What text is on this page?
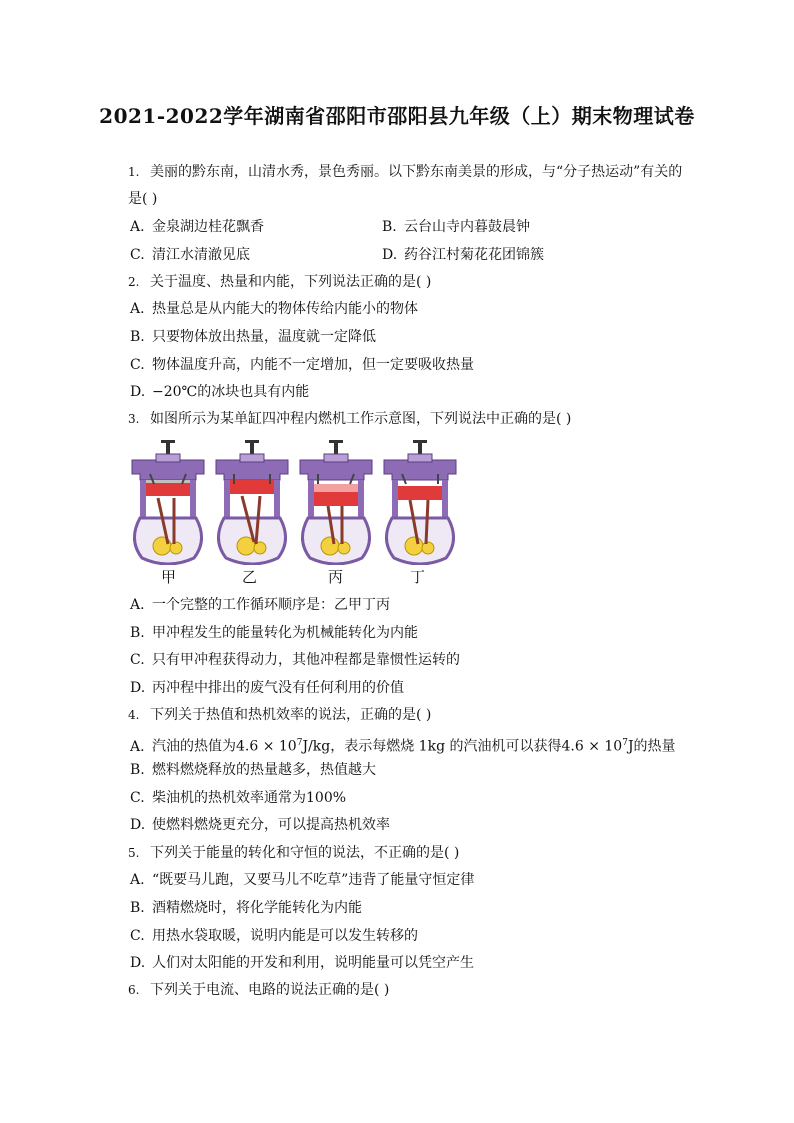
2021-2022学年湖南省邵阳市邵阳县九年级（上）期末物理试卷
1. 美丽的黔东南，山清水秀，景色秀丽。以下黔东南美景的形成，与“分子热运动”有关的
是( )
A. 金泉湖边桂花飘香	B. 云台山寺内暮鼓晨钟
C. 清江水清澈见底	D. 药谷江村菊花花团锦簇
2. 关于温度、热量和内能，下列说法正确的是( )
A. 热量总是从内能大的物体传给内能小的物体
B. 只要物体放出热量，温度就一定降低
C. 物体温度升高，内能不一定增加，但一定要吸收热量
D. −20℃的冰块也具有内能
3. 如图所示为某单缸四冲程内燃机工作示意图，下列说法中正确的是( )
甲	乙	丙	丁
A. 一个完整的工作循环顺序是：乙甲丁丙
B. 甲冲程发生的能量转化为机械能转化为内能
C. 只有甲冲程获得动力，其他冲程都是靠惯性运转的
D. 丙冲程中排出的废气没有任何利用的价值
4. 下列关于热值和热机效率的说法，正确的是( )
A. 汽油的热值为$4.6 \times 10^7J/kg$，表示每燃烧 1kg 的汽油机可以获得$4.6 \times 10^7J$的热量
B. 燃料燃烧释放的热量越多，热值越大
C. 柴油机的热机效率通常为100%
D. 使燃料燃烧更充分，可以提高热机效率
5. 下列关于能量的转化和守恒的说法，不正确的是( )
A. “既要马儿跑，又要马儿不吃草”违背了能量守恒定律
B. 酒精燃烧时，将化学能转化为内能
C. 用热水袋取暖，说明内能是可以发生转移的
D. 人们对太阳能的开发和利用，说明能量可以凭空产生
6. 下列关于电流、电路的说法正确的是( )
